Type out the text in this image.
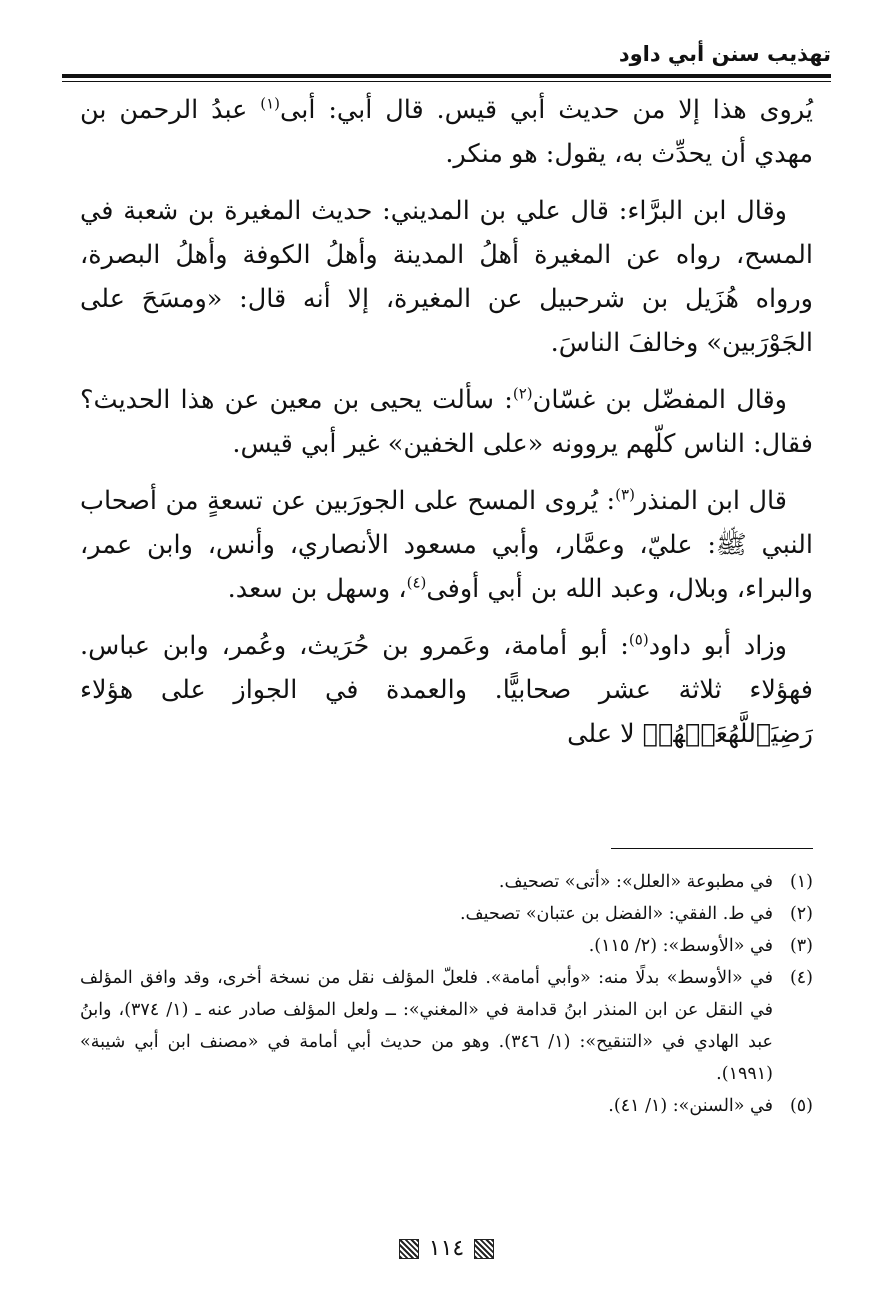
تهذيب سنن أبي داود

يُروى هذا إلا من حديث أبي قيس. قال أبي: أبى$^{(١)}$ عبدُ الرحمن بن مهدي أن يحدِّث به، يقول: هو منكر.

وقال ابن البرَّاء: قال علي بن المديني: حديث المغيرة بن شعبة في المسح، رواه عن المغيرة أهلُ المدينة وأهلُ الكوفة وأهلُ البصرة، ورواه هُزَيل بن شرحبيل عن المغيرة، إلا أنه قال: «ومسَحَ على الجَوْرَبين» وخالفَ الناسَ.

وقال المفضّل بن غسّان$^{(٢)}$: سألت يحيى بن معين عن هذا الحديث؟ فقال: الناس كلّهم يروونه «على الخفين» غير أبي قيس.

قال ابن المنذر$^{(٣)}$: يُروى المسح على الجورَبين عن تسعةٍ من أصحاب النبي ﷺ: عليّ، وعمَّار، وأبي مسعود الأنصاري، وأنس، وابن عمر، والبراء، وبلال، وعبد الله بن أبي أوفى$^{(٤)}$، وسهل بن سعد.

وزاد أبو داود$^{(٥)}$: أبو أمامة، وعَمرو بن حُرَيث، وعُمر، وابن عباس. فهؤلاء ثلاثة عشر صحابيًّا. والعمدة في الجواز على هؤلاء رَضِيَٱللَّهُعَنۡهُمۡ لا على

(١)
في مطبوعة «العلل»: «أتى» تصحيف.
(٢)
في ط. الفقي: «الفضل بن عتبان» تصحيف.
(٣)
في «الأوسط»: (٢/ ١١٥).
(٤)
في «الأوسط» بدلًا منه: «وأبي أمامة». فلعلّ المؤلف نقل من نسخة أخرى، وقد وافق المؤلف في النقل عن ابن المنذر ابنُ قدامة في «المغني»: ــ ولعل المؤلف صادر عنه ـ (١/ ٣٧٤)، وابنُ عبد الهادي في «التنقيح»: (١/ ٣٤٦). وهو من حديث أبي أمامة في «مصنف ابن أبي شيبة» (١٩٩١).
(٥)
في «السنن»: (١/ ٤١).
١١٤
